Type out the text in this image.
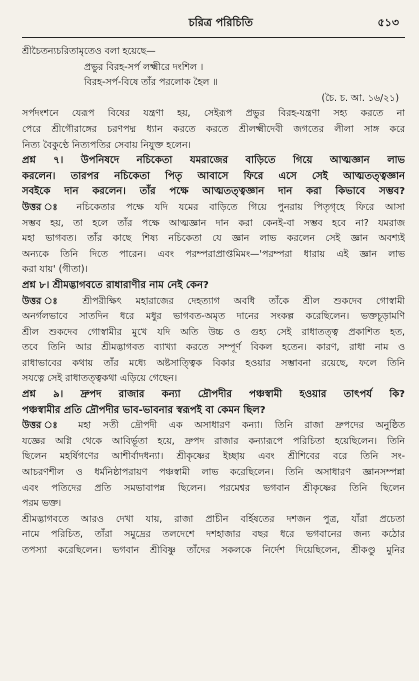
চরিত্র পরিচিতি	৫১৩
শ্রীচৈতন্যচরিতামৃতেও বলা হয়েছে—
প্রভুর বিরহ-সর্প লক্ষ্মীরে দংশিল ।
বিরহ-সর্প-বিষে তাঁর পরলোক হৈল ॥
(চৈ. চ. আ. ১৬/২১)
সর্পদংশনে যেরূপ বিষের যন্ত্রণা হয়, সেইরূপ প্রভুর বিরহ-যন্ত্রণা সহ্য করতে না
পেরে শ্রীগৌরাঙ্গের চরণপদ্ম ধ্যান করতে করতে শ্রীলক্ষ্মীদেবী জগতের লীলা সাঙ্গ করে
নিত্য বৈকুণ্ঠে নিত্যপতির সেবায় নিযুক্ত হলেন।
প্রশ্ন ৭। উপনিষদে নচিকেতা যমরাজের বাড়িতে গিয়ে আত্মজ্ঞান লাভ
করলেন। তারপর নচিকেতা পিতৃ আবাসে ফিরে এসে সেই আত্মতত্ত্বজ্ঞান
সবইকে দান করলেন। তাঁর পক্ষে আত্মতত্ত্বজ্ঞান দান করা কিভাবে সম্ভব?
উত্তর ঃ নচিকেতার পক্ষে যদি যমের বাড়িতে গিয়ে পুনরায় পিতৃগৃহে ফিরে আসা
সম্ভব হয়, তা হলে তাঁর পক্ষে আত্মজ্ঞান দান করা কেনই-বা সম্ভব হবে না? যমরাজ
মহা ভাগবত। তাঁর কাছে শিষ্য নচিকেতা যে জ্ঞান লাভ করলেন সেই জ্ঞান অবশ্যই
অন্যকে তিনি দিতে পারেন। এবং পরম্পরাপ্রাপ্তমিমং—'পরম্পরা ধারায় এই জ্ঞান লাভ
করা যায়' (গীতা)।
প্রশ্ন ৮। শ্রীমদ্ভাগবতে রাধারাণীর নাম নেই কেন?
উত্তর ঃ শ্রীপরীক্ষিৎ মহারাজের দেহত্যাগ অবধি তাঁকে শ্রীল শুকদেব গোস্বামী
অনর্গলভাবে সাতদিন ধরে মধুর ভাগবত-অমৃত দানের সংকল্প করেছিলেন। ভক্তচূড়ামণি
শ্রীল শুকদেব গোস্বামীর মুখে যদি অতি উচ্চ ও গুহ্য সেই রাধাতত্ত্ব প্রকাশিত হত,
তবে তিনি আর শ্রীমদ্ভাগবত ব্যাখ্যা করতে সম্পূর্ণ বিকল হতেন। কারণ, রাধা নাম ও
রাধাভাবের কথায় তাঁর মধ্যে অষ্টসাত্ত্বিক বিকার হওয়ার সম্ভাবনা রয়েছে, ফলে তিনি
সযত্নে সেই রাধাতত্ত্বকথা এড়িয়ে গেছেন।
প্রশ্ন ৯। দ্রুপদ রাজার কন্যা দ্রৌপদীর পঞ্চস্বামী হওয়ার তাৎপর্য কি?
পঞ্চস্বামীর প্রতি দ্রৌপদীর ভাব-ভাবনার স্বরূপই বা কেমন ছিল?
উত্তর ঃ মহা সতী দ্রৌপদী এক অসাধারণ কন্যা। তিনি রাজা দ্রুপদের অনুষ্ঠিত
যজ্ঞের অগ্নি থেকে আবির্ভূতা হয়ে, দ্রুপদ রাজার কন্যারূপে পরিচিতা হয়েছিলেন। তিনি
ছিলেন মহর্ষিগণের আশীর্বাদধন্যা। শ্রীকৃষ্ণের ইচ্ছায় এবং শ্রীশিবের বরে তিনি সং-
আচরণশীল ও ধর্মনিষ্ঠাপরায়ণ পঞ্চস্বামী লাভ করেছিলেন। তিনি অসাধারণ জ্ঞানসম্পন্না
এবং পতিদের প্রতি সমভাবাপন্ন ছিলেন। পরমেশ্বর ভগবান শ্রীকৃষ্ণের তিনি ছিলেন
পরম ভক্ত।
শ্রীমদ্ভাগবতে আরও দেখা যায়, রাজা প্রাচীন বর্হিষতের দশজন পুত্র, যাঁরা প্রচেতা
নামে পরিচিত, তাঁরা সমুদ্রের তলদেশে দশহাজার বছর ধরে ভগবানের জন্য কঠোর
তপস্যা করেছিলেন। ভগবান শ্রীবিষ্ণু তাঁদের সকলকে নির্দেশ দিয়েছিলেন, শ্রীকণ্ডু মুনির
